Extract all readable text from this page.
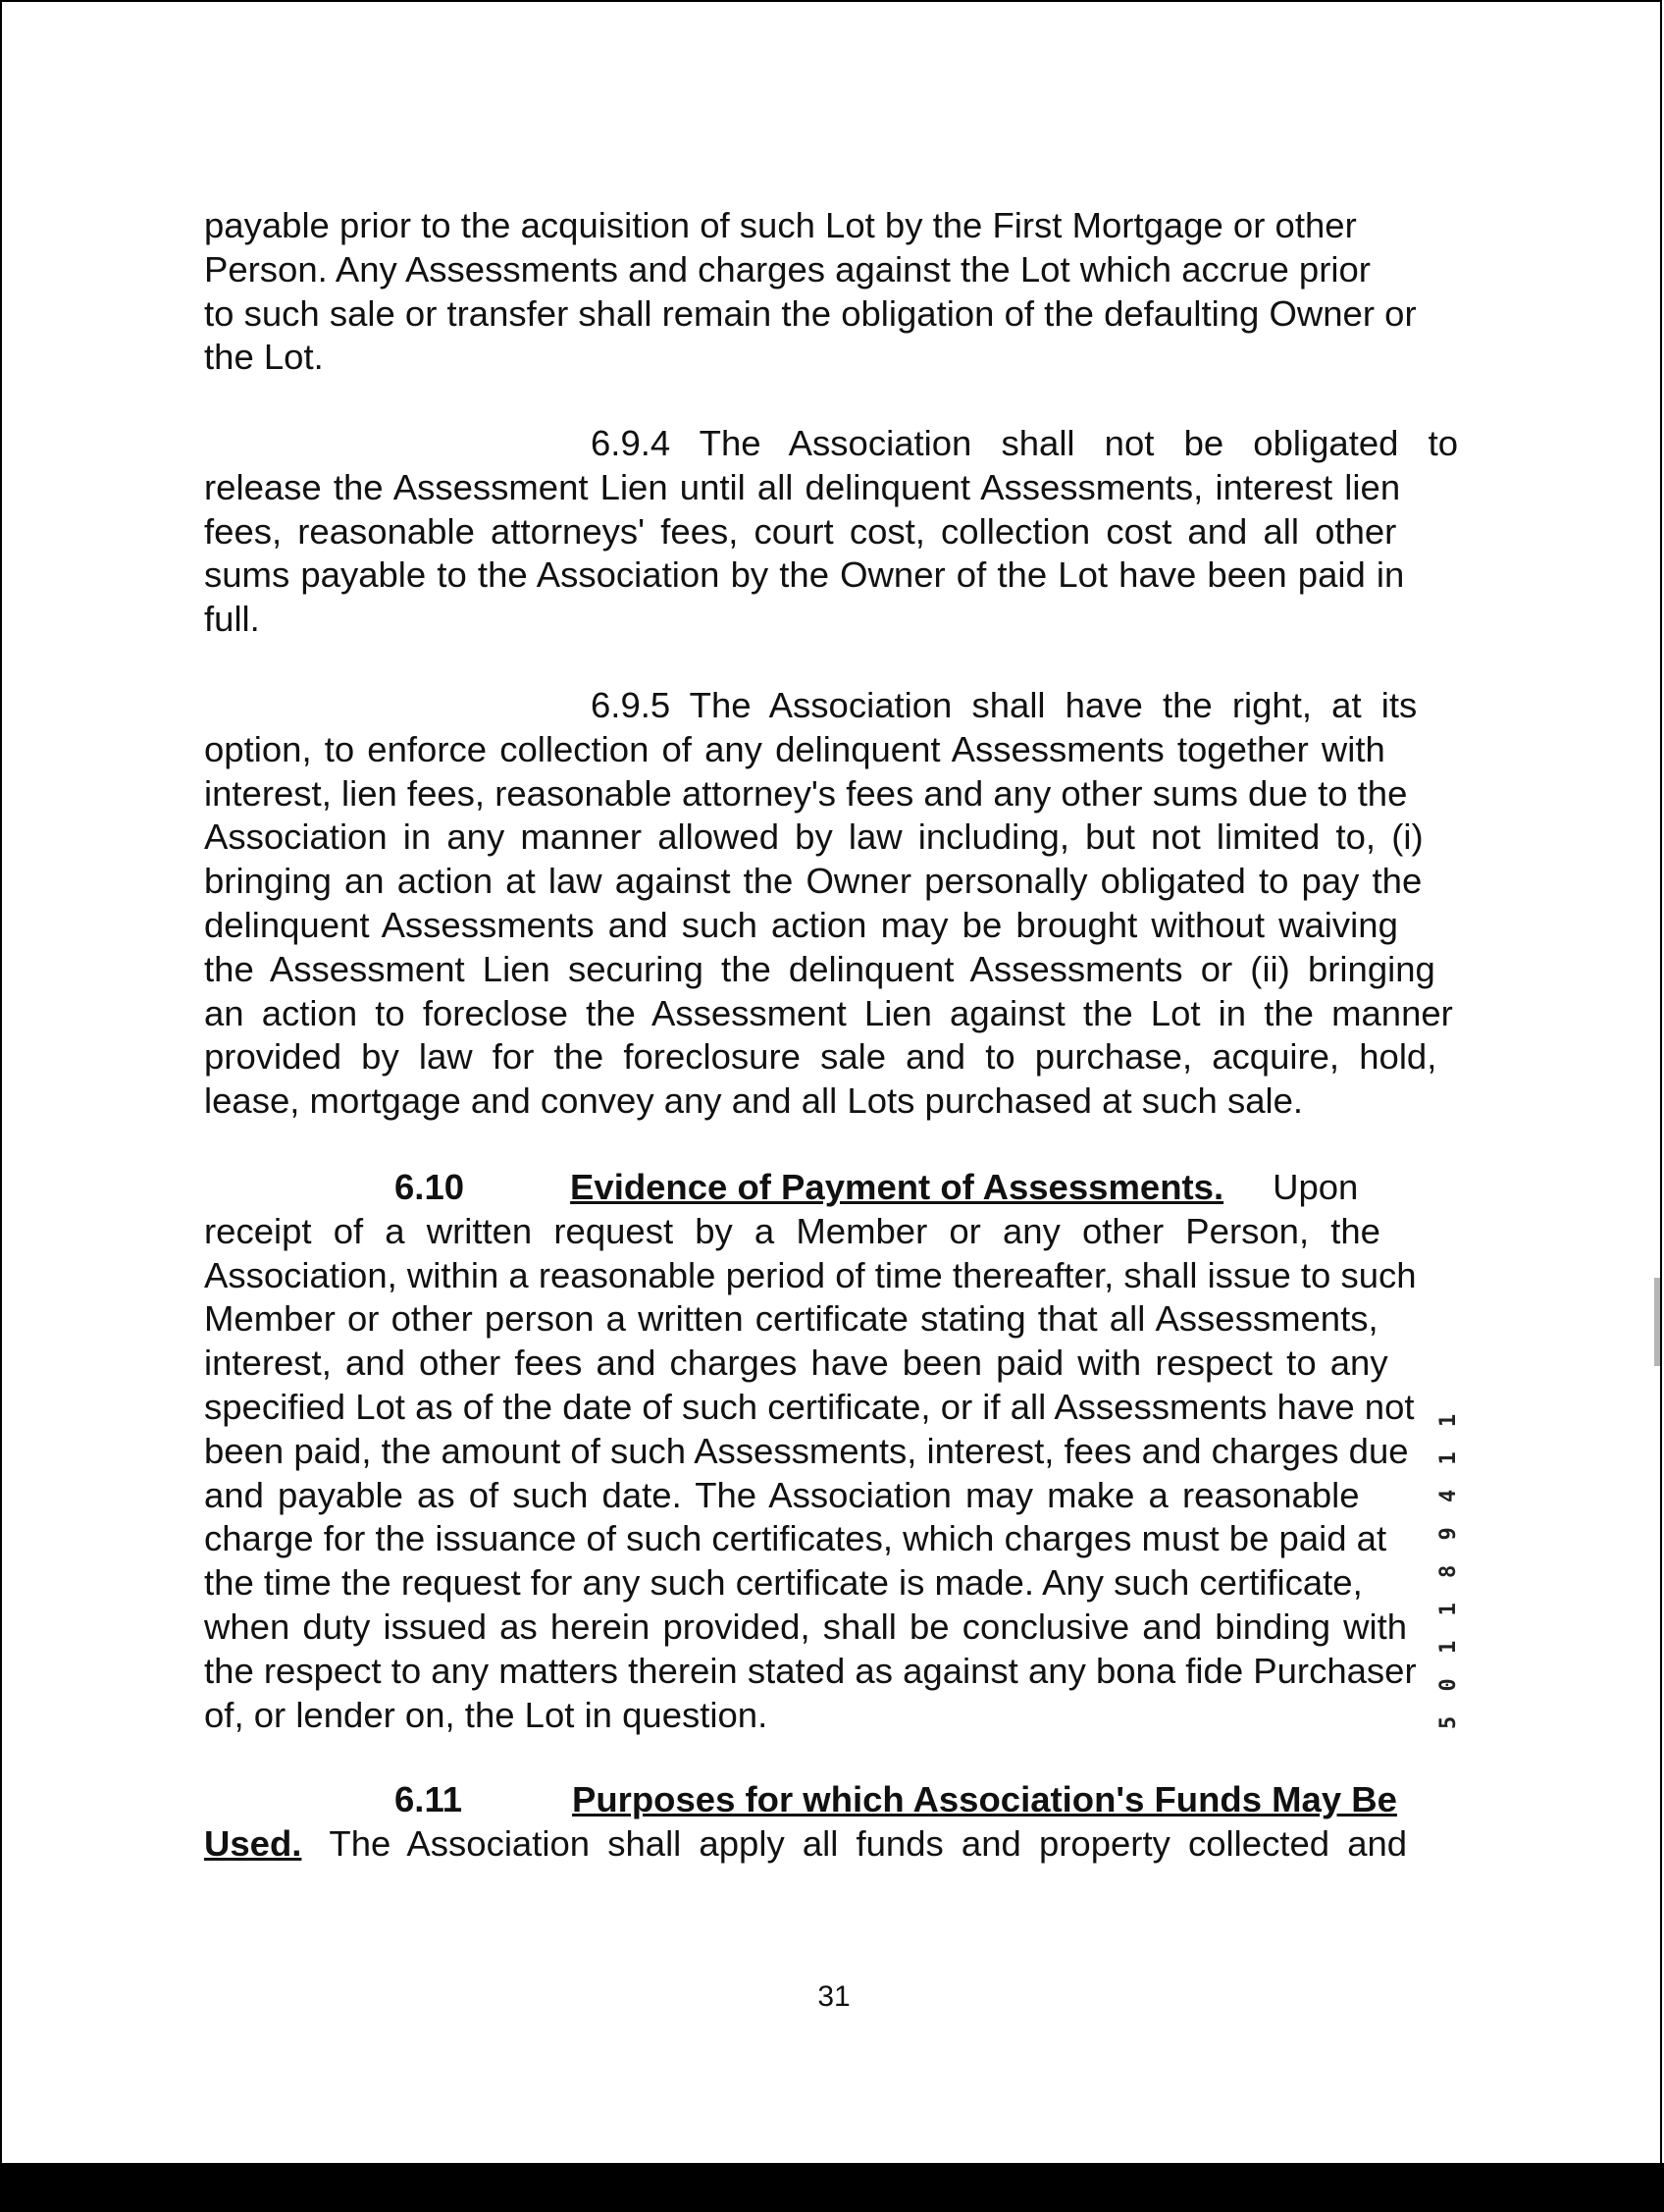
payable prior to the acquisition of such Lot by the First Mortgage or other
Person. Any Assessments and charges against the Lot which accrue prior
to such sale or transfer shall remain the obligation of the defaulting Owner or
the Lot.
6.9.4 The Association shall not be obligated to
release the Assessment Lien until all delinquent Assessments, interest lien
fees, reasonable attorneys' fees, court cost, collection cost and all other
sums payable to the Association by the Owner of the Lot have been paid in
full.
6.9.5 The Association shall have the right, at its
option, to enforce collection of any delinquent Assessments together with
interest, lien fees, reasonable attorney's fees and any other sums due to the
Association in any manner allowed by law including, but not limited to, (i)
bringing an action at law against the Owner personally obligated to pay the
delinquent Assessments and such action may be brought without waiving
the Assessment Lien securing the delinquent Assessments or (ii) bringing
an action to foreclose the Assessment Lien against the Lot in the manner
provided by law for the foreclosure sale and to purchase, acquire, hold,
lease, mortgage and convey any and all Lots purchased at such sale.
6.10	Evidence of Payment of Assessments. Upon
receipt of a written request by a Member or any other Person, the
Association, within a reasonable period of time thereafter, shall issue to such
Member or other person a written certificate stating that all Assessments,
interest, and other fees and charges have been paid with respect to any
specified Lot as of the date of such certificate, or if all Assessments have not
been paid, the amount of such Assessments, interest, fees and charges due
and payable as of such date. The Association may make a reasonable
charge for the issuance of such certificates, which charges must be paid at
the time the request for any such certificate is made. Any such certificate,
when duty issued as herein provided, shall be conclusive and binding with
the respect to any matters therein stated as against any bona fide Purchaser
of, or lender on, the Lot in question.
6.11	Purposes for which Association's Funds May Be
Used. The Association shall apply all funds and property collected and
31
5 0 1 1 8 9 4 1 1
